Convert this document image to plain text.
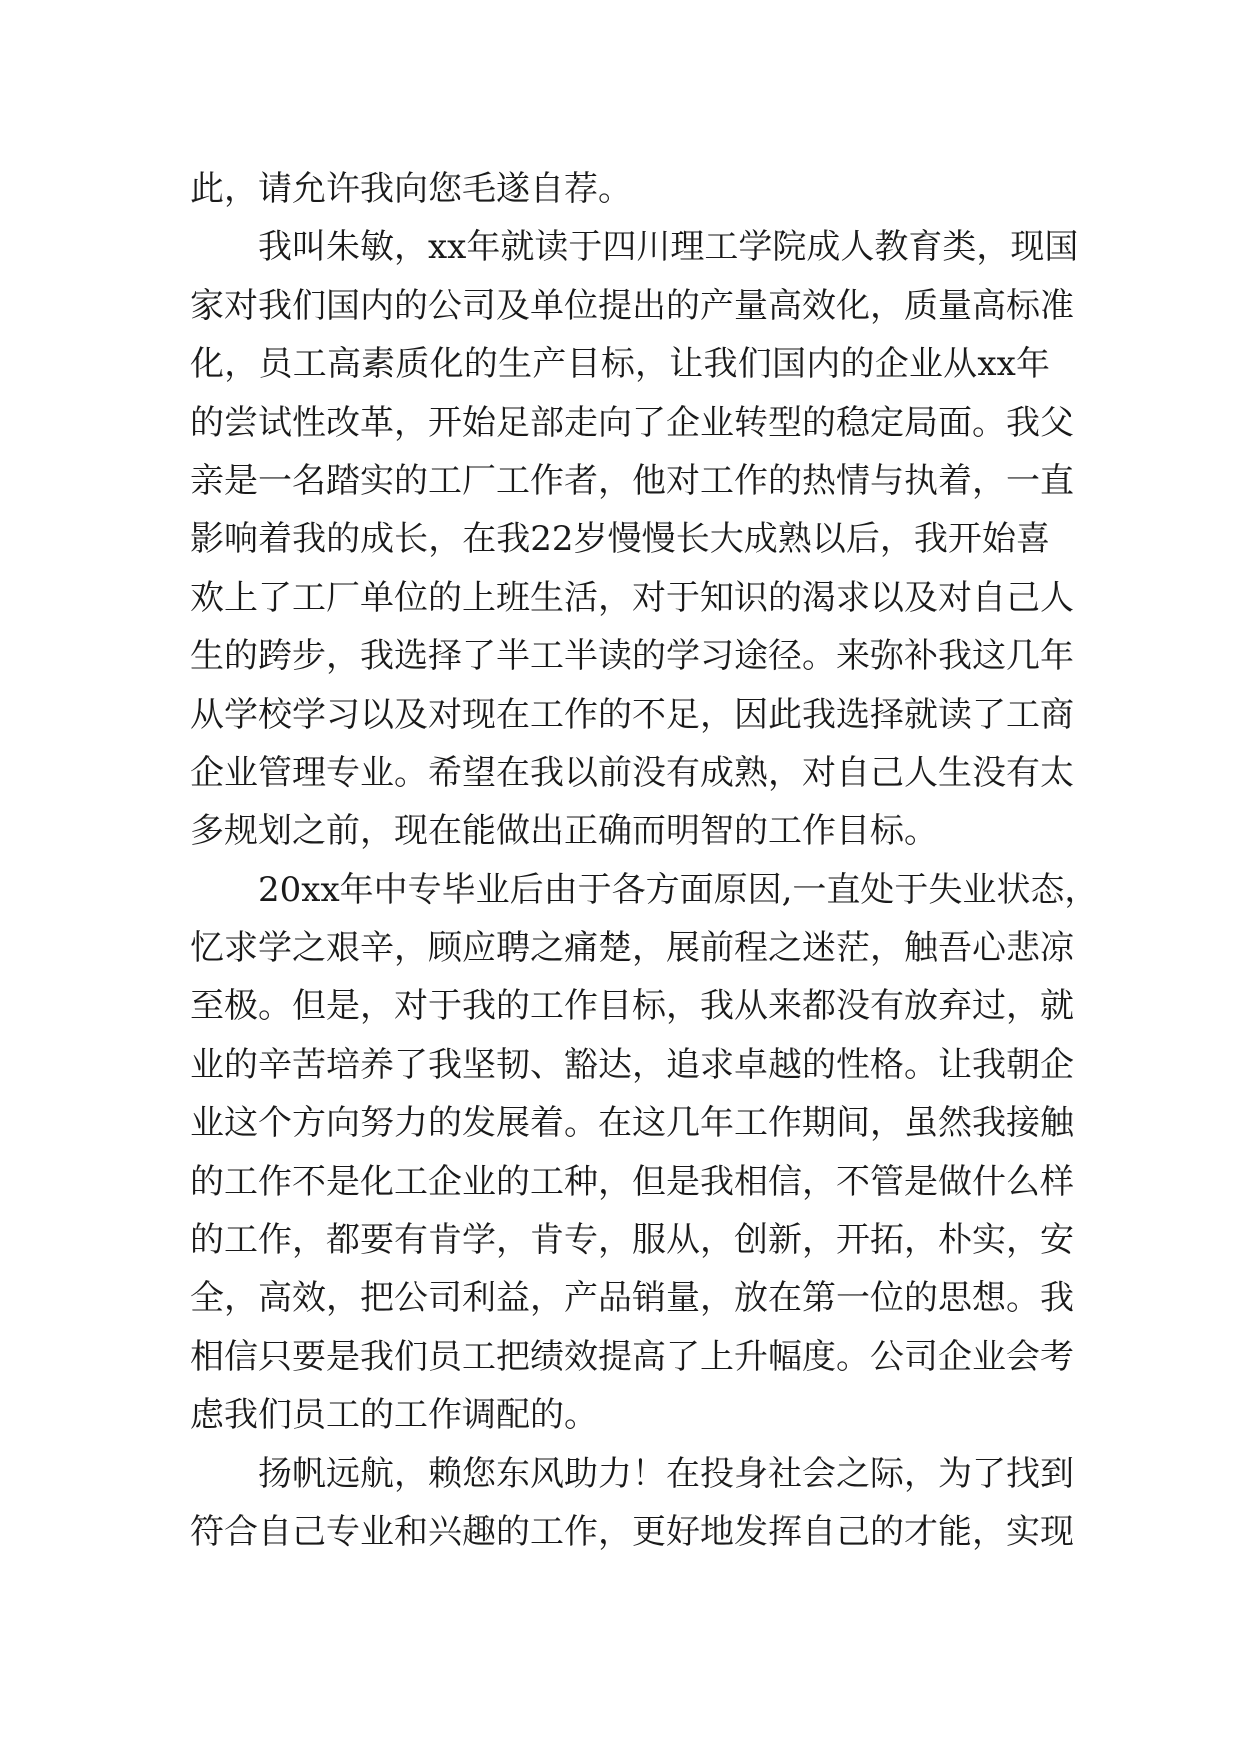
此，请允许我向您毛遂自荐。
我叫朱敏，xx年就读于四川理工学院成人教育类，现国
家对我们国内的公司及单位提出的产量高效化，质量高标准
化，员工高素质化的生产目标，让我们国内的企业从xx年
的尝试性改革，开始足部走向了企业转型的稳定局面。我父
亲是一名踏实的工厂工作者，他对工作的热情与执着，一直
影响着我的成长，在我22岁慢慢长大成熟以后，我开始喜
欢上了工厂单位的上班生活，对于知识的渴求以及对自己人
生的跨步，我选择了半工半读的学习途径。来弥补我这几年
从学校学习以及对现在工作的不足，因此我选择就读了工商
企业管理专业。希望在我以前没有成熟，对自己人生没有太
多规划之前，现在能做出正确而明智的工作目标。
20xx年中专毕业后由于各方面原因,一直处于失业状态，
忆求学之艰辛，顾应聘之痛楚，展前程之迷茫，触吾心悲凉
至极。但是，对于我的工作目标，我从来都没有放弃过，就
业的辛苦培养了我坚韧、豁达，追求卓越的性格。让我朝企
业这个方向努力的发展着。在这几年工作期间，虽然我接触
的工作不是化工企业的工种，但是我相信，不管是做什么样
的工作，都要有肯学，肯专，服从，创新，开拓，朴实，安
全，高效，把公司利益，产品销量，放在第一位的思想。我
相信只要是我们员工把绩效提高了上升幅度。公司企业会考
虑我们员工的工作调配的。
扬帆远航，赖您东风助力！在投身社会之际，为了找到
符合自己专业和兴趣的工作，更好地发挥自己的才能，实现
